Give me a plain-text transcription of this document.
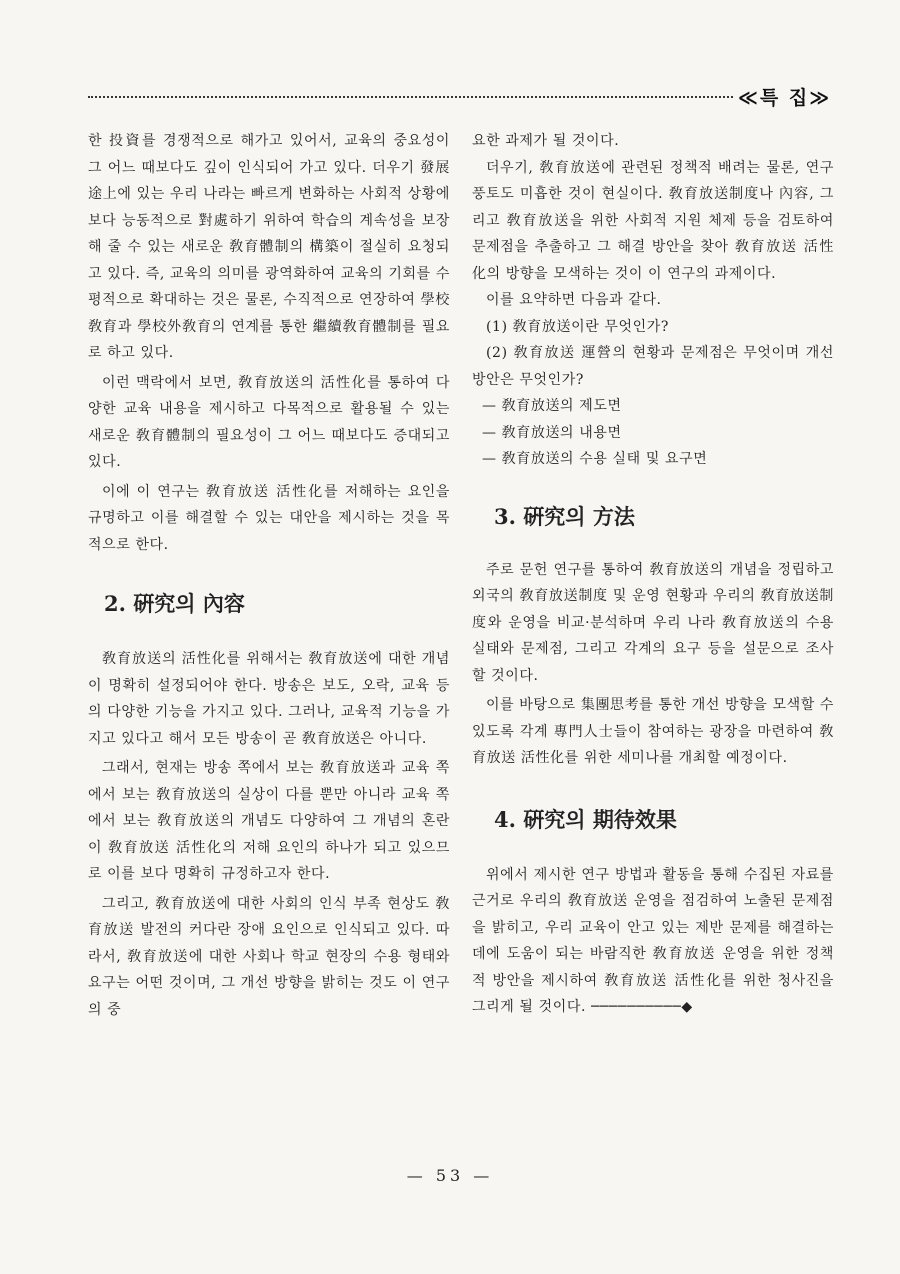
≪특 집≫

한 投資를 경쟁적으로 해가고 있어서, 교육의 중요성이 그 어느 때보다도 깊이 인식되어 가고 있다. 더우기 發展途上에 있는 우리 나라는 빠르게 변화하는 사회적 상황에 보다 능동적으로 對處하기 위하여 학습의 계속성을 보장해 줄 수 있는 새로운 敎育體制의 構築이 절실히 요청되고 있다. 즉, 교육의 의미를 광역화하여 교육의 기회를 수평적으로 확대하는 것은 물론, 수직적으로 연장하여 學校敎育과 學校外敎育의 연계를 통한 繼續敎育體制를 필요로 하고 있다.

이런 맥락에서 보면, 敎育放送의 活性化를 통하여 다양한 교육 내용을 제시하고 다목적으로 활용될 수 있는 새로운 敎育體制의 필요성이 그 어느 때보다도 증대되고 있다.

이에 이 연구는 敎育放送 活性化를 저해하는 요인을 규명하고 이를 해결할 수 있는 대안을 제시하는 것을 목적으로 한다.

2. 硏究의 內容

敎育放送의 活性化를 위해서는 敎育放送에 대한 개념이 명확히 설정되어야 한다. 방송은 보도, 오락, 교육 등의 다양한 기능을 가지고 있다. 그러나, 교육적 기능을 가지고 있다고 해서 모든 방송이 곧 敎育放送은 아니다.

그래서, 현재는 방송 쪽에서 보는 敎育放送과 교육 쪽에서 보는 敎育放送의 실상이 다를 뿐만 아니라 교육 쪽에서 보는 敎育放送의 개념도 다양하여 그 개념의 혼란이 敎育放送 活性化의 저해 요인의 하나가 되고 있으므로 이를 보다 명확히 규정하고자 한다.

그리고, 敎育放送에 대한 사회의 인식 부족 현상도 敎育放送 발전의 커다란 장애 요인으로 인식되고 있다. 따라서, 敎育放送에 대한 사회나 학교 현장의 수용 형태와 요구는 어떤 것이며, 그 개선 방향을 밝히는 것도 이 연구의 중

요한 과제가 될 것이다.

더우기, 敎育放送에 관련된 정책적 배려는 물론, 연구 풍토도 미흡한 것이 현실이다. 敎育放送制度나 內容, 그리고 敎育放送을 위한 사회적 지원 체제 등을 검토하여 문제점을 추출하고 그 해결 방안을 찾아 敎育放送 活性化의 방향을 모색하는 것이 이 연구의 과제이다.

이를 요약하면 다음과 같다.

(1) 敎育放送이란 무엇인가?

(2) 敎育放送 運營의 현황과 문제점은 무엇이며 개선 방안은 무엇인가?

— 敎育放送의 제도면

— 敎育放送의 내용면

— 敎育放送의 수용 실태 및 요구면

3. 硏究의 方法

주로 문헌 연구를 통하여 敎育放送의 개념을 정립하고 외국의 敎育放送制度 및 운영 현황과 우리의 敎育放送制度와 운영을 비교·분석하며 우리 나라 敎育放送의 수용 실태와 문제점, 그리고 각계의 요구 등을 설문으로 조사할 것이다.

이를 바탕으로 集團思考를 통한 개선 방향을 모색할 수 있도록 각계 專門人士들이 참여하는 광장을 마련하여 敎育放送 活性化를 위한 세미나를 개최할 예정이다.

4. 硏究의 期待效果

위에서 제시한 연구 방법과 활동을 통해 수집된 자료를 근거로 우리의 敎育放送 운영을 점검하여 노출된 문제점을 밝히고, 우리 교육이 안고 있는 제반 문제를 해결하는 데에 도움이 되는 바람직한 敎育放送 운영을 위한 정책적 방안을 제시하여 敎育放送 活性化를 위한 청사진을 그리게 될 것이다. ──────────◆

— 53 —
